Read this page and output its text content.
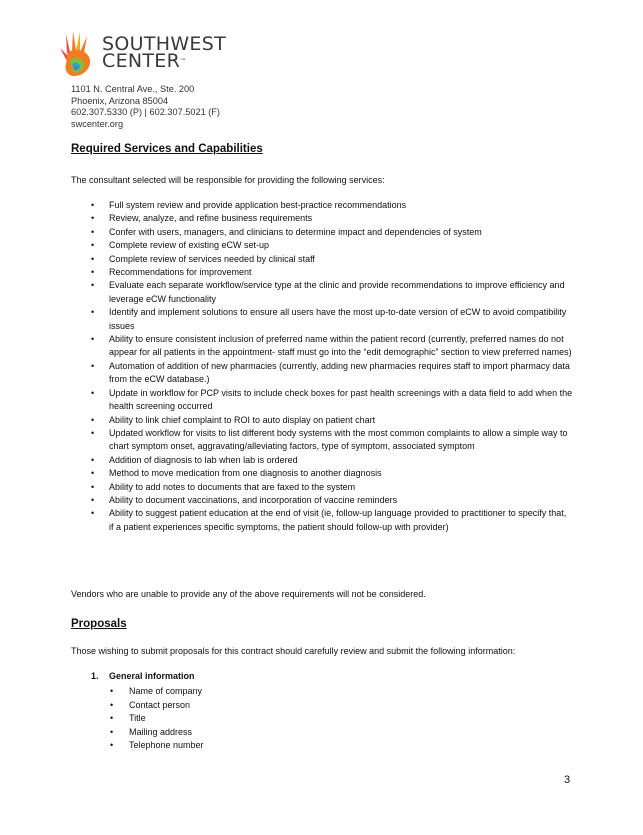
SOUTHWEST
CENTER™
1101 N. Central Ave., Ste. 200
Phoenix, Arizona 85004
602.307.5330 (P) | 602.307.5021 (F)
swcenter.org
Required Services and Capabilities
The consultant selected will be responsible for providing the following services:
• Full system review and provide application best-practice recommendations
• Review, analyze, and refine business requirements
• Confer with users, managers, and clinicians to determine impact and dependencies of system
• Complete review of existing eCW set-up
• Complete review of services needed by clinical staff
• Recommendations for improvement
• Evaluate each separate workflow/service type at the clinic and provide recommendations to improve efficiency and leverage eCW functionality
• Identify and implement solutions to ensure all users have the most up-to-date version of eCW to avoid compatibility issues
• Ability to ensure consistent inclusion of preferred name within the patient record (currently, preferred names do not appear for all patients in the appointment- staff must go into the “edit demographic” section to view preferred names)
• Automation of addition of new pharmacies (currently, adding new pharmacies requires staff to import pharmacy data from the eCW database.)
• Update in workflow for PCP visits to include check boxes for past health screenings with a data field to add when the health screening occurred
• Ability to link chief complaint to ROI to auto display on patient chart
• Updated workflow for visits to list different body systems with the most common complaints to allow a simple way to chart symptom onset, aggravating/alleviating factors, type of symptom, associated symptom
• Addition of diagnosis to lab when lab is ordered
• Method to move medication from one diagnosis to another diagnosis
• Ability to add notes to documents that are faxed to the system
• Ability to document vaccinations, and incorporation of vaccine reminders
• Ability to suggest patient education at the end of visit (ie, follow-up language provided to practitioner to specify that, if a patient experiences specific symptoms, the patient should follow-up with provider)
Vendors who are unable to provide any of the above requirements will not be considered.
Proposals
Those wishing to submit proposals for this contract should carefully review and submit the following information:
1. General information
• Name of company
• Contact person
• Title
• Mailing address
• Telephone number
3
